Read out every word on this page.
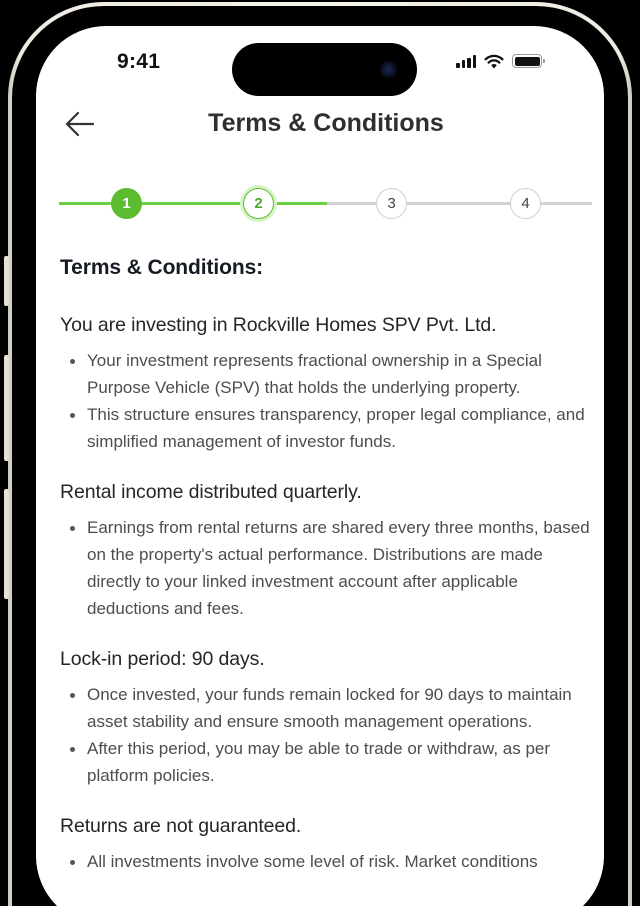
9:41
Terms & Conditions
1	2	3	4
Terms & Conditions:
You are investing in Rockville Homes SPV Pvt. Ltd.
Your investment represents fractional ownership in a Special Purpose Vehicle (SPV) that holds the underlying property.
This structure ensures transparency, proper legal compliance, and simplified management of investor funds.
Rental income distributed quarterly.
Earnings from rental returns are shared every three months, based on the property's actual performance. Distributions are made directly to your linked investment account after applicable deductions and fees.
Lock-in period: 90 days.
Once invested, your funds remain locked for 90 days to maintain asset stability and ensure smooth management operations.
After this period, you may be able to trade or withdraw, as per platform policies.
Returns are not guaranteed.
All investments involve some level of risk. Market conditions
